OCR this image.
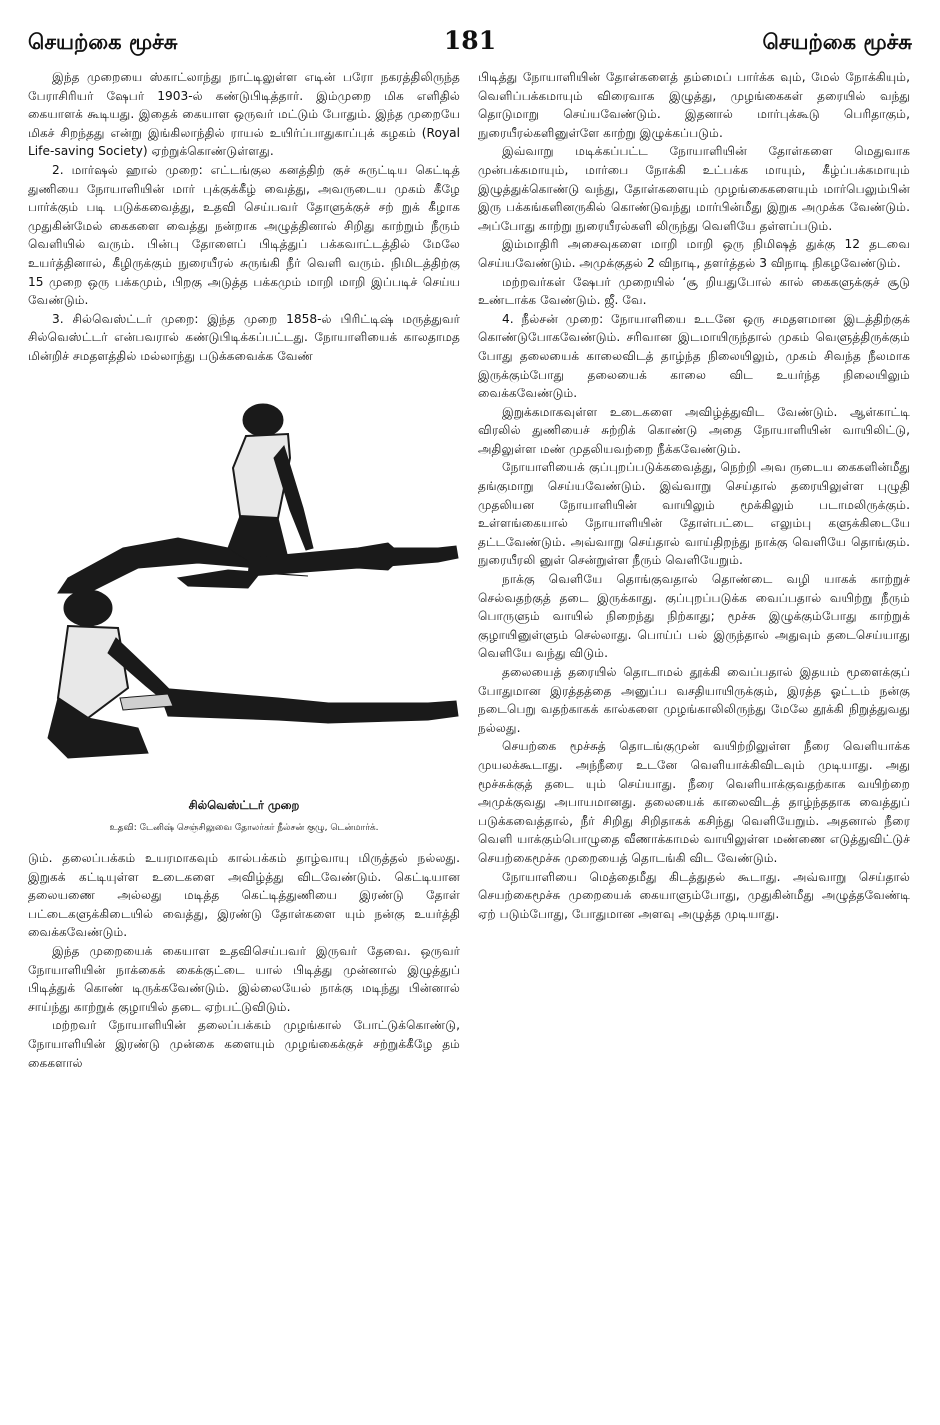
செயற்கை மூச்சு	181	செயற்கை மூச்சு

இந்த முறையை ஸ்காட்லாந்து நாட்டிலுள்ள எடின் பரோ நகரத்திலிருந்த பேராசிரியர் ஷேபர் 1903-ல் கண்டுபிடித்தார். இம்முறை மிக எளிதில் கையாளக் கூடியது. இதைக் கையாள ஒருவர் மட்டும் போதும். இந்த முறையே மிகச் சிறந்தது என்று இங்கிலாந்தில் ராயல் உயிர்ப்பாதுகாப்புக் கழகம் (Royal Life-saving Society) ஏற்றுக்கொண்டுள்ளது.

2. மார்ஷல் ஹால் முறை: எட்டங்குல கனத்திற் குச் சுருட்டிய கெட்டித் துணியை நோயாளியின் மார் புக்குக்கீழ் வைத்து, அவருடைய முகம் கீழே பார்க்கும் படி படுக்கவைத்து, உதவி செய்பவர் தோளுக்குச் சற் றுக் கீழாக முதுகின்மேல் கைகளை வைத்து நன்றாக அழுத்தினால் சிறிது காற்றும் நீரும் வெளியில் வரும். பின்பு தோளைப் பிடித்துப் பக்கவாட்டத்தில் மேலே உயர்த்தினால், கீழிருக்கும் நுரையீரல் சுருங்கி நீர் வெளி வரும். நிமிடத்திற்கு 15 முறை ஒரு பக்கமும், பிறகு அடுத்த பக்கமும் மாறி மாறி இப்படிச் செய்ய வேண்டும்.

3. சில்வெஸ்ட்டர் முறை: இந்த முறை 1858-ல் பிரிட்டிஷ் மருத்துவர் சில்வெஸ்ட்டர் என்பவரால் கண்டுபிடிக்கப்பட்டது. நோயாளியைக் காலதாமத மின்றிச் சமதளத்தில் மல்லாந்து படுக்கவைக்க வேண்

சில்வெஸ்ட்டர் முறை
உதவி: டேனிஷ் செஞ்சிலுவை தோலர்கர் நீல்சன் குழு, டென்மார்க்.

டும். தலைப்பக்கம் உயரமாகவும் கால்பக்கம் தாழ்வாயு மிருத்தல் நல்லது. இறுகக் கட்டியுள்ள உடைகளை அவிழ்த்து விடவேண்டும். கெட்டியான தலையணை அல்லது மடித்த கெட்டித்துணியை இரண்டு தோள் பட்டைகளுக்கிடையில் வைத்து, இரண்டு தோள்களை யும் நன்கு உயர்த்தி வைக்கவேண்டும்.

இந்த முறையைக் கையாள உதவிசெய்பவர் இருவர் தேவை. ஒருவர் நோயாளியின் நாக்கைக் கைக்குட்டை யால் பிடித்து முன்னால் இழுத்துப் பிடித்துக் கொண் டிருக்கவேண்டும். இல்லையேல் நாக்கு மடிந்து பின்னால் சாய்ந்து காற்றுக் குழாயில் தடை ஏற்பட்டுவிடும்.

மற்றவர் நோயாளியின் தலைப்பக்கம் முழங்கால் போட்டுக்கொண்டு, நோயாளியின் இரண்டு முன்கை களையும் முழங்கைக்குச் சற்றுக்கீழே தம் கைகளால்

பிடித்து நோயாளியின் தோள்களைத் தம்மைப் பார்க்க வும், மேல் நோக்கியும், வெளிப்பக்கமாயும் விரைவாக இழுத்து, முழங்கைகள் தரையில் வந்து தொடுமாறு செய்யவேண்டும். இதனால் மார்புக்கூடு பெரிதாகும், நுரையீரல்களினுள்ளே காற்று இழுக்கப்படும்.

இவ்வாறு மடிக்கப்பட்ட நோயாளியின் தோள்களை மெதுவாக முன்பக்கமாயும், மார்பை நோக்கி உட்பக்க மாயும், கீழ்ப்பக்கமாயும் இழுத்துக்கொண்டு வந்து, தோள்களையும் முழங்கைகளையும் மார்பெலும்பின் இரு பக்கங்களினருகில் கொண்டுவந்து மார்பின்மீது இறுக அமுக்க வேண்டும். அப்போது காற்று நுரையீரல்களி லிருந்து வெளியே தள்ளப்படும்.

இம்மாதிரி அசைவுகளை மாறி மாறி ஒரு நிமிஷத் துக்கு 12 தடவை செய்யவேண்டும். அமுக்குதல் 2 விநாடி, தளர்த்தல் 3 விநாடி நிகழவேண்டும்.

மற்றவர்கள் ஷேபர் முறையில் ‘சூ றியதுபோல் கால் கைகளுக்குச் சூடு உண்டாக்க வேண்டும். ஜீ. வே.

4. நீல்சன் முறை: நோயாளியை உடனே ஒரு சமதளமான இடத்திற்குக் கொண்டுபோகவேண்டும். சரிவான இடமாயிருந்தால் முகம் வெளுத்திருக்கும் போது தலையைக் காலைவிடத் தாழ்ந்த நிலையிலும், முகம் சிவந்த நீலமாக இருக்கும்போது தலையைக் காலை விட உயர்ந்த நிலையிலும் வைக்கவேண்டும்.

இறுக்கமாகவுள்ள உடைகளை அவிழ்த்துவிட வேண்டும். ஆள்காட்டி விரலில் துணியைச் சுற்றிக் கொண்டு அதை நோயாளியின் வாயிலிட்டு, அதிலுள்ள மண் முதலியவற்றை நீக்கவேண்டும்.

நோயாளியைக் குப்புறப்படுக்கவைத்து, நெற்றி அவ ருடைய கைகளின்மீது தங்குமாறு செய்யவேண்டும். இவ்வாறு செய்தால் தரையிலுள்ள புழுதி முதலியன நோயாளியின் வாயிலும் மூக்கிலும் படாமலிருக்கும். உள்ளங்கையால் நோயாளியின் தோள்பட்டை எலும்பு களுக்கிடையே தட்டவேண்டும். அவ்வாறு செய்தால் வாய்திறந்து நாக்கு வெளியே தொங்கும். நுரையீரலி னுள் சென்றுள்ள நீரும் வெளியேறும்.

நாக்கு வெளியே தொங்குவதால் தொண்டை வழி யாகக் காற்றுச் செல்வதற்குத் தடை இருக்காது. குப்புறப்படுக்க வைப்பதால் வயிற்று நீரும் பொருளும் வாயில் நிறைந்து நிற்காது; மூச்சு இழுக்கும்போது காற்றுக் குழாயினுள்ளும் செல்லாது. பொய்ப் பல் இருந்தால் அதுவும் தடைசெய்யாது வெளியே வந்து விடும்.

தலையைத் தரையில் தொடாமல் தூக்கி வைப்பதால் இதயம் மூளைக்குப் போதுமான இரத்தத்தை அனுப்ப வசதியாயிருக்கும், இரத்த ஓட்டம் நன்கு நடைபெறு வதற்காகக் கால்களை முழங்காலிலிருந்து மேலே தூக்கி நிறுத்துவது நல்லது.

செயற்கை மூச்சுத் தொடங்குமுன் வயிற்றிலுள்ள நீரை வெளியாக்க முயலக்கூடாது. அந்நீரை உடனே வெளியாக்கிவிடவும் முடியாது. அது மூச்சுக்குத் தடை யும் செய்யாது. நீரை வெளியாக்குவதற்காக வயிற்றை அமுக்குவது அபாயமானது. தலையைக் காலைவிடத் தாழ்ந்ததாக வைத்துப் படுக்கவைத்தால், நீர் சிறிது சிறிதாகக் கசிந்து வெளியேறும். அதனால் நீரை வெளி யாக்கும்பொழுதை வீணாக்காமல் வாயிலுள்ள மண்ணை எடுத்துவிட்டுச் செயற்கைமூச்சு முறையைத் தொடங்கி விட வேண்டும்.

நோயாளியை மெத்தைமீது கிடத்துதல் கூடாது. அவ்வாறு செய்தால் செயற்கைமூச்சு முறையைக் கையாளும்போது, முதுகின்மீது அழுத்தவேண்டி ஏற் படும்போது, போதுமான அளவு அழுத்த முடியாது.
